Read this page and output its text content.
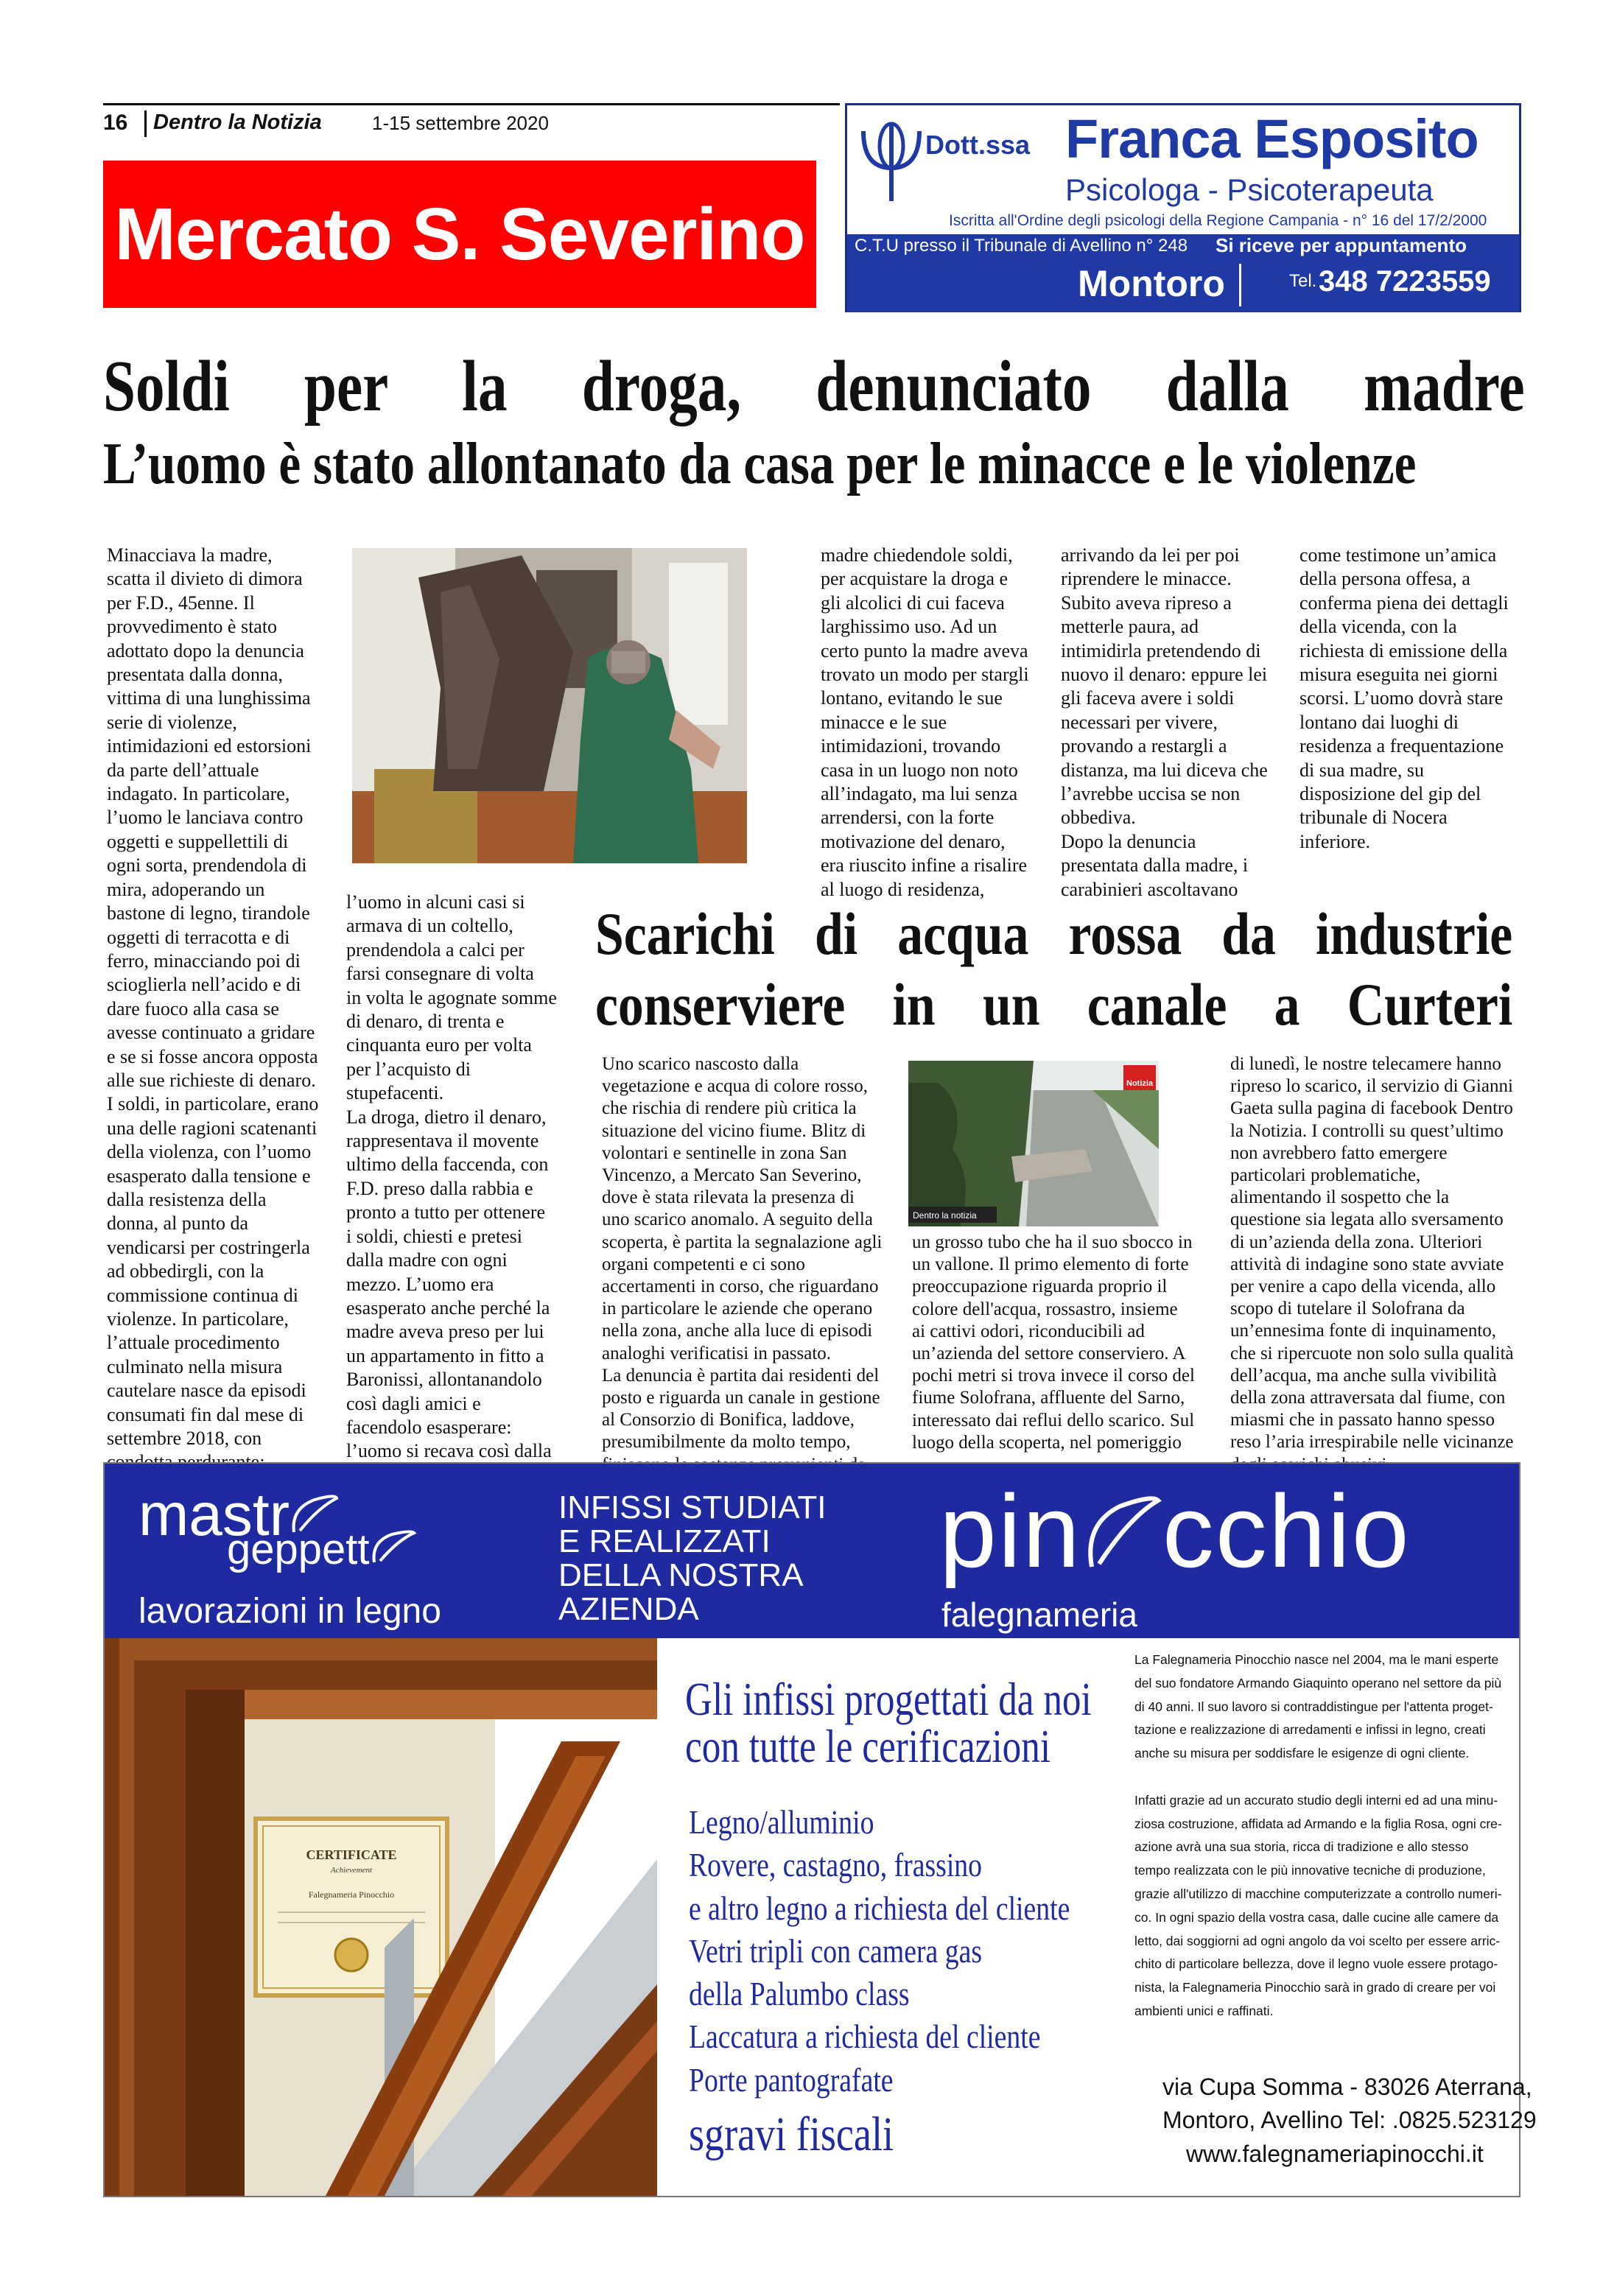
16 Dentro la Notizia	1-15 settembre 2020
Mercato S. Severino
Dott.ssa Franca Esposito
Psicologa - Psicoterapeuta
Iscritta all'Ordine degli psicologi della Regione Campania - n° 16 del 17/2/2000
C.T.U presso il Tribunale di Avellino n° 248 Si riceve per appuntamento
Montoro	Tel. 348 7223559
Soldi per la droga, denunciato dalla madre
L’uomo è stato allontanato da casa per le minacce e le violenze
Minacciava la madre,
scatta il divieto di dimora
per F.D., 45enne. Il
provvedimento è stato
adottato dopo la denuncia
presentata dalla donna,
vittima di una lunghissima
serie di violenze,
intimidazioni ed estorsioni
da parte dell’attuale
indagato. In particolare,
l’uomo le lanciava contro
oggetti e suppellettili di
ogni sorta, prendendola di
mira, adoperando un
bastone di legno, tirandole
oggetti di terracotta e di
ferro, minacciando poi di
scioglierla nell’acido e di
dare fuoco alla casa se
avesse continuato a gridare
e se si fosse ancora opposta
alle sue richieste di denaro.
I soldi, in particolare, erano
una delle ragioni scatenanti
della violenza, con l’uomo
esasperato dalla tensione e
dalla resistenza della
donna, al punto da
vendicarsi per costringerla
ad obbedirgli, con la
commissione continua di
violenze. In particolare,
l’attuale procedimento
culminato nella misura
cautelare nasce da episodi
consumati fin dal mese di
settembre 2018, con

l’uomo in alcuni casi si
armava di un coltello,
prendendola a calci per
farsi consegnare di volta
in volta le agognate somme
di denaro, di trenta e
cinquanta euro per volta
per l’acquisto di
stupefacenti.
La droga, dietro il denaro,
rappresentava il movente
ultimo della faccenda, con
F.D. preso dalla rabbia e
pronto a tutto per ottenere
i soldi, chiesti e pretesi
dalla madre con ogni
mezzo. L’uomo era
esasperato anche perché la
madre aveva preso per lui
un appartamento in fitto a
Baronissi, allontanandolo
così dagli amici e
facendolo esasperare:
l’uomo si recava così dalla
madre chiedendole soldi,
per acquistare la droga e
gli alcolici di cui faceva
larghissimo uso. Ad un
certo punto la madre aveva
trovato un modo per stargli
lontano, evitando le sue
minacce e le sue
intimidazioni, trovando
casa in un luogo non noto
all’indagato, ma lui senza
arrendersi, con la forte
motivazione del denaro,
era riuscito infine a risalire
al luogo di residenza,
arrivando da lei per poi
riprendere le minacce.
Subito aveva ripreso a
metterle paura, ad
intimidirla pretendendo di
nuovo il denaro: eppure lei
gli faceva avere i soldi
necessari per vivere,
provando a restargli a
distanza, ma lui diceva che
l’avrebbe uccisa se non
obbediva.
Dopo la denuncia
presentata dalla madre, i
carabinieri ascoltavano
come testimone un’amica
della persona offesa, a
conferma piena dei dettagli
della vicenda, con la
richiesta di emissione della
misura eseguita nei giorni
scorsi. L’uomo dovrà stare
lontano dai luoghi di
residenza a frequentazione
di sua madre, su
disposizione del gip del
tribunale di Nocera
inferiore.
Scarichi di acqua rossa da industrie
conserviere in un canale a Curteri
Uno scarico nascosto dalla
vegetazione e acqua di colore rosso,
che rischia di rendere più critica la
situazione del vicino fiume. Blitz di
volontari e sentinelle in zona San
Vincenzo, a Mercato San Severino,
dove è stata rilevata la presenza di
uno scarico anomalo. A seguito della
scoperta, è partita la segnalazione agli
organi competenti e ci sono
accertamenti in corso, che riguardano
in particolare le aziende che operano
nella zona, anche alla luce di episodi
analoghi verificatisi in passato.
La denuncia è partita dai residenti del
posto e riguarda un canale in gestione
al Consorzio di Bonifica, laddove,
presumibilmente da molto tempo,

Dentro la notizia
Notizia
un grosso tubo che ha il suo sbocco in
un vallone. Il primo elemento di forte
preoccupazione riguarda proprio il
colore dell'acqua, rossastro, insieme
ai cattivi odori, riconducibili ad
un’azienda del settore conserviero. A
pochi metri si trova invece il corso del
fiume Solofrana, affluente del Sarno,
interessato dai reflui dello scarico. Sul
luogo della scoperta, nel pomeriggio
di lunedì, le nostre telecamere hanno
ripreso lo scarico, il servizio di Gianni
Gaeta sulla pagina di facebook Dentro
la Notizia. I controlli su quest’ultimo
non avrebbero fatto emergere
particolari problematiche,
alimentando il sospetto che la
questione sia legata allo sversamento
di un’azienda della zona. Ulteriori
attività di indagine sono state avviate
per venire a capo della vicenda, allo
scopo di tutelare il Solofrana da
un’ennesima fonte di inquinamento,
che si ripercuote non solo sulla qualità
dell’acqua, ma anche sulla vivibilità
della zona attraversata dal fiume, con
miasmi che in passato hanno spesso
reso l’aria irrespirabile nelle vicinanze

mastr
geppett
lavorazioni in legno
INFISSI STUDIATI
E REALIZZATI
DELLA NOSTRA
AZIENDA
pin cchio
falegnameria
CERTIFICATE
Achievement
Falegnameria Pinocchio
Gli infissi progettati da noi
con tutte le cerificazioni
Legno/alluminio
Rovere, castagno, frassino
e altro legno a richiesta del cliente
Vetri tripli con camera gas
della Palumbo class
Laccatura a richiesta del cliente
Porte pantografate
sgravi fiscali
La Falegnameria Pinocchio nasce nel 2004, ma le mani esperte
del suo fondatore Armando Giaquinto operano nel settore da più
di 40 anni. Il suo lavoro si contraddistingue per l'attenta proget-
tazione e realizzazione di arredamenti e infissi in legno, creati
anche su misura per soddisfare le esigenze di ogni cliente.

Infatti grazie ad un accurato studio degli interni ed ad una minu-
ziosa costruzione, affidata ad Armando e la figlia Rosa, ogni cre-
azione avrà una sua storia, ricca di tradizione e allo stesso
tempo realizzata con le più innovative tecniche di produzione,
grazie all'utilizzo di macchine computerizzate a controllo numeri-
co. In ogni spazio della vostra casa, dalle cucine alle camere da
letto, dai soggiorni ad ogni angolo da voi scelto per essere arric-
chito di particolare bellezza, dove il legno vuole essere protago-
nista, la Falegnameria Pinocchio sarà in grado di creare per voi
ambienti unici e raffinati.
via Cupa Somma - 83026 Aterrana,
Montoro, Avellino Tel: .0825.523129
www.falegnameriapinocchi.it
